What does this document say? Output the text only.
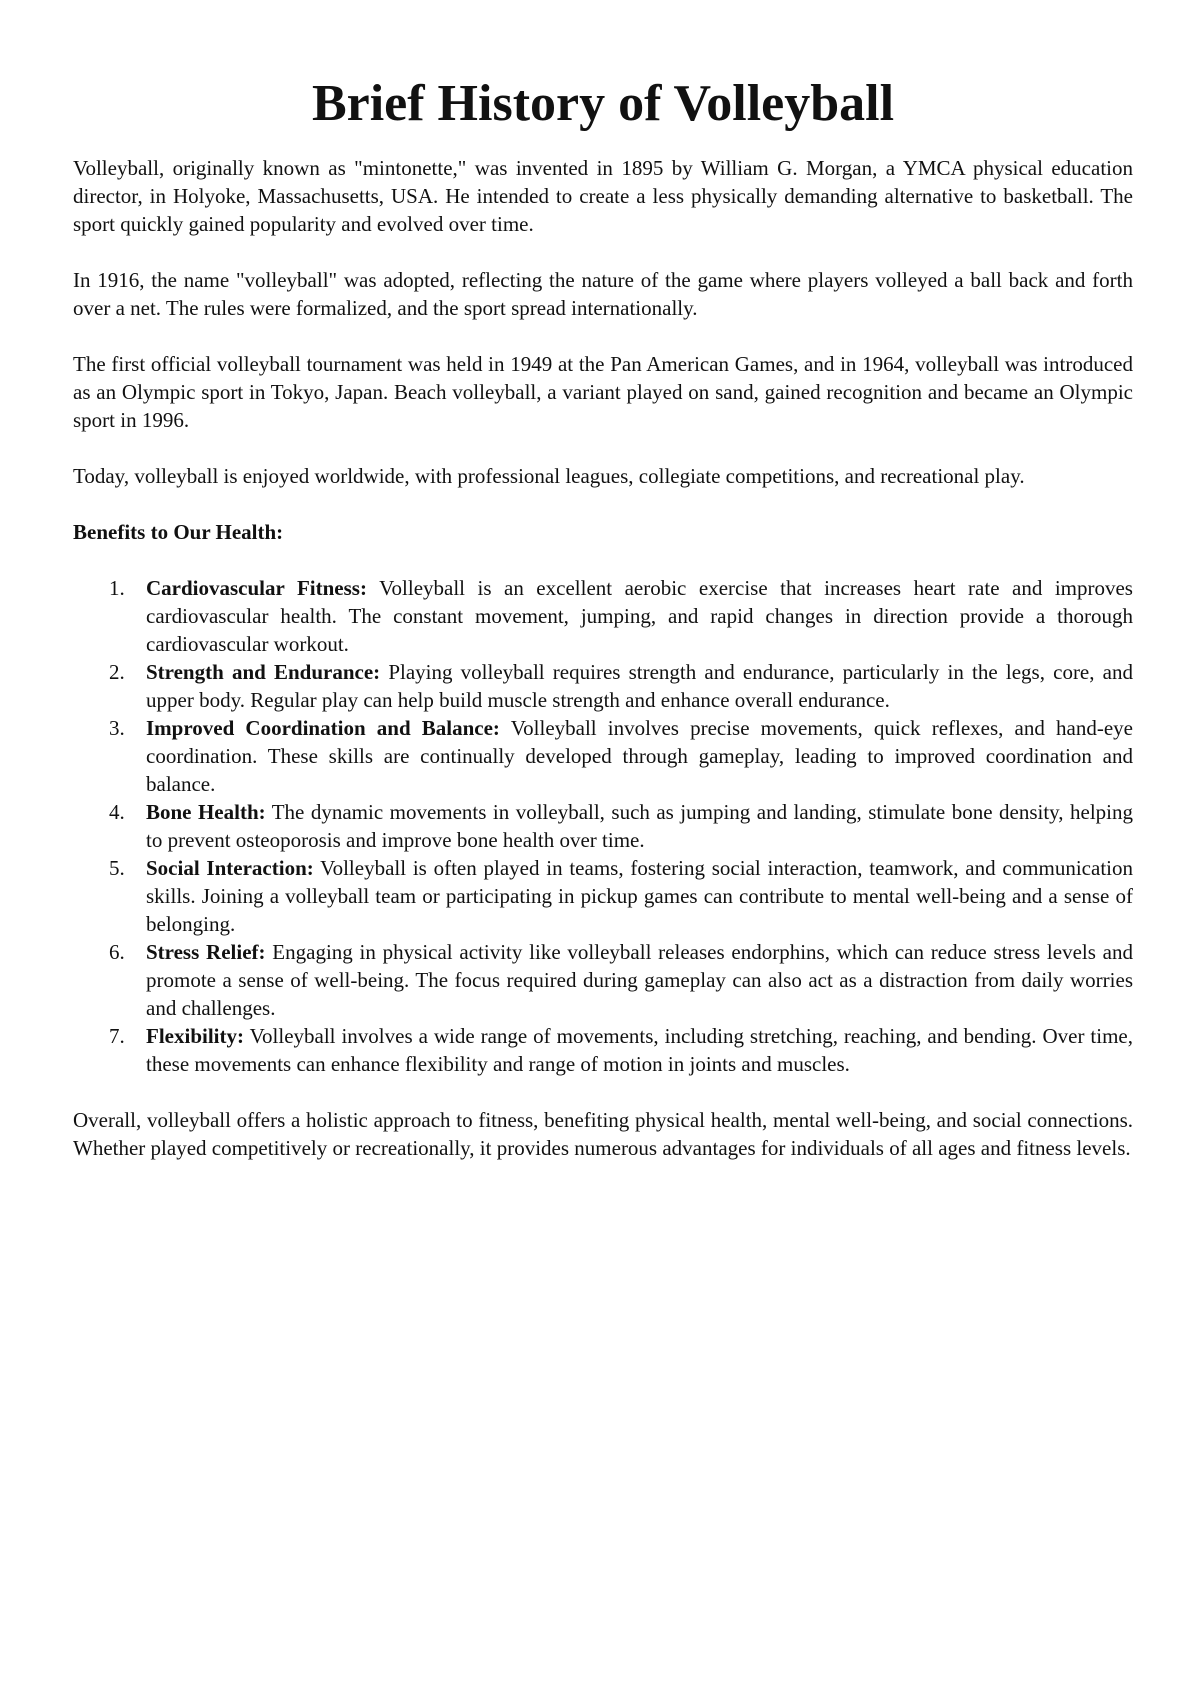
Brief History of Volleyball

Volleyball, originally known as "mintonette," was invented in 1895 by William G. Morgan, a YMCA physical education director, in Holyoke, Massachusetts, USA. He intended to create a less physically demanding alternative to basketball. The sport quickly gained popularity and evolved over time.

In 1916, the name "volleyball" was adopted, reflecting the nature of the game where players volleyed a ball back and forth over a net. The rules were formalized, and the sport spread internationally.

The first official volleyball tournament was held in 1949 at the Pan American Games, and in 1964, volleyball was introduced as an Olympic sport in Tokyo, Japan. Beach volleyball, a variant played on sand, gained recognition and became an Olympic sport in 1996.

Today, volleyball is enjoyed worldwide, with professional leagues, collegiate competitions, and recreational play.

Benefits to Our Health:
1. Cardiovascular Fitness: Volleyball is an excellent aerobic exercise that increases heart rate and improves cardiovascular health. The constant movement, jumping, and rapid changes in direction provide a thorough cardiovascular workout.
2. Strength and Endurance: Playing volleyball requires strength and endurance, particularly in the legs, core, and upper body. Regular play can help build muscle strength and enhance overall endurance.
3. Improved Coordination and Balance: Volleyball involves precise movements, quick reflexes, and hand-eye coordination. These skills are continually developed through gameplay, leading to improved coordination and balance.
4. Bone Health: The dynamic movements in volleyball, such as jumping and landing, stimulate bone density, helping to prevent osteoporosis and improve bone health over time.
5. Social Interaction: Volleyball is often played in teams, fostering social interaction, teamwork, and communication skills. Joining a volleyball team or participating in pickup games can contribute to mental well-being and a sense of belonging.
6. Stress Relief: Engaging in physical activity like volleyball releases endorphins, which can reduce stress levels and promote a sense of well-being. The focus required during gameplay can also act as a distraction from daily worries and challenges.
7. Flexibility: Volleyball involves a wide range of movements, including stretching, reaching, and bending. Over time, these movements can enhance flexibility and range of motion in joints and muscles.

Overall, volleyball offers a holistic approach to fitness, benefiting physical health, mental well-being, and social connections. Whether played competitively or recreationally, it provides numerous advantages for individuals of all ages and fitness levels.
